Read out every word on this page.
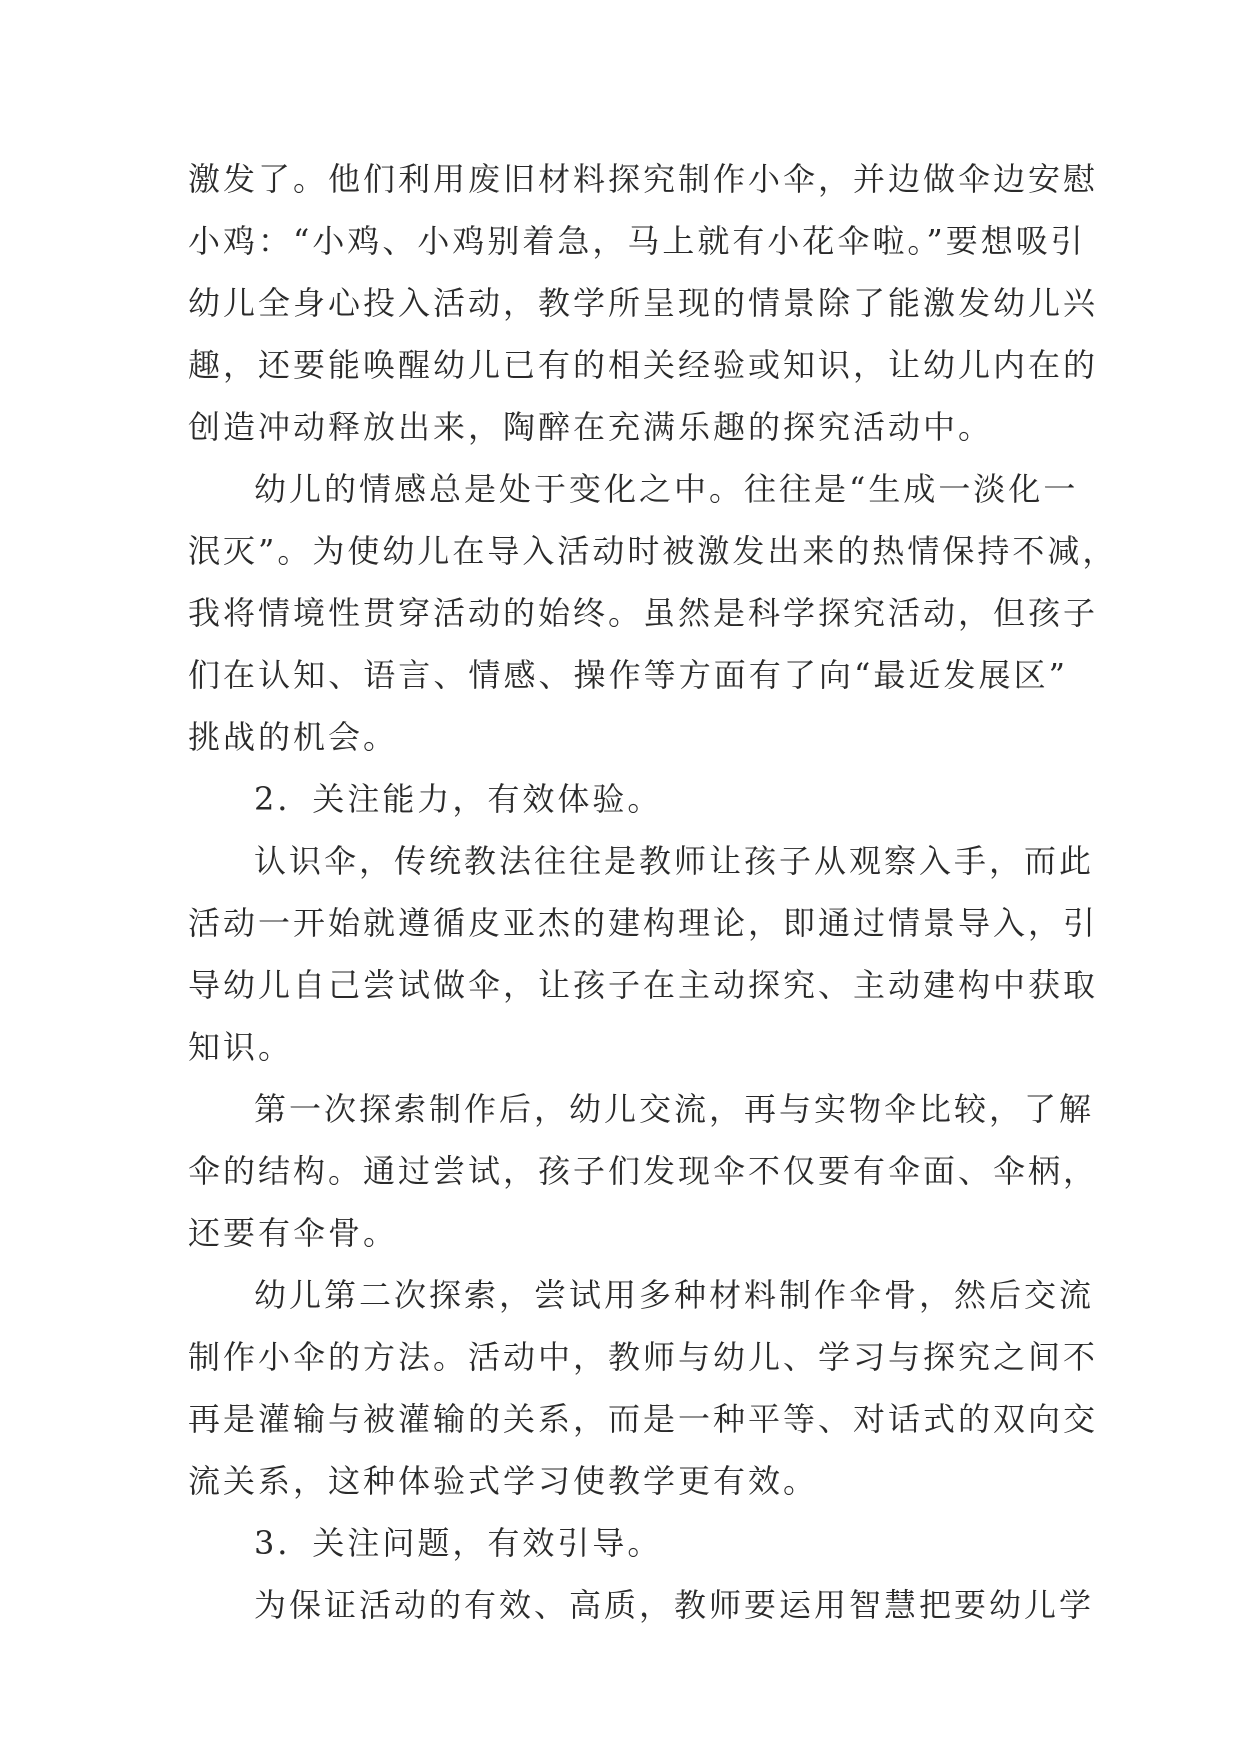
激发了。他们利用废旧材料探究制作小伞，并边做伞边安慰
小鸡：“小鸡、小鸡别着急，马上就有小花伞啦。”要想吸引
幼儿全身心投入活动，教学所呈现的情景除了能激发幼儿兴
趣，还要能唤醒幼儿已有的相关经验或知识，让幼儿内在的
创造冲动释放出来，陶醉在充满乐趣的探究活动中。
幼儿的情感总是处于变化之中。往往是“生成一淡化一
泯灭”。为使幼儿在导入活动时被激发出来的热情保持不减，
我将情境性贯穿活动的始终。虽然是科学探究活动，但孩子
们在认知、语言、情感、操作等方面有了向“最近发展区”
挑战的机会。
2．关注能力，有效体验。
认识伞，传统教法往往是教师让孩子从观察入手，而此
活动一开始就遵循皮亚杰的建构理论，即通过情景导入，引
导幼儿自己尝试做伞，让孩子在主动探究、主动建构中获取
知识。
第一次探索制作后，幼儿交流，再与实物伞比较，了解
伞的结构。通过尝试，孩子们发现伞不仅要有伞面、伞柄，
还要有伞骨。
幼儿第二次探索，尝试用多种材料制作伞骨，然后交流
制作小伞的方法。活动中，教师与幼儿、学习与探究之间不
再是灌输与被灌输的关系，而是一种平等、对话式的双向交
流关系，这种体验式学习使教学更有效。
3．关注问题，有效引导。
为保证活动的有效、高质，教师要运用智慧把要幼儿学
